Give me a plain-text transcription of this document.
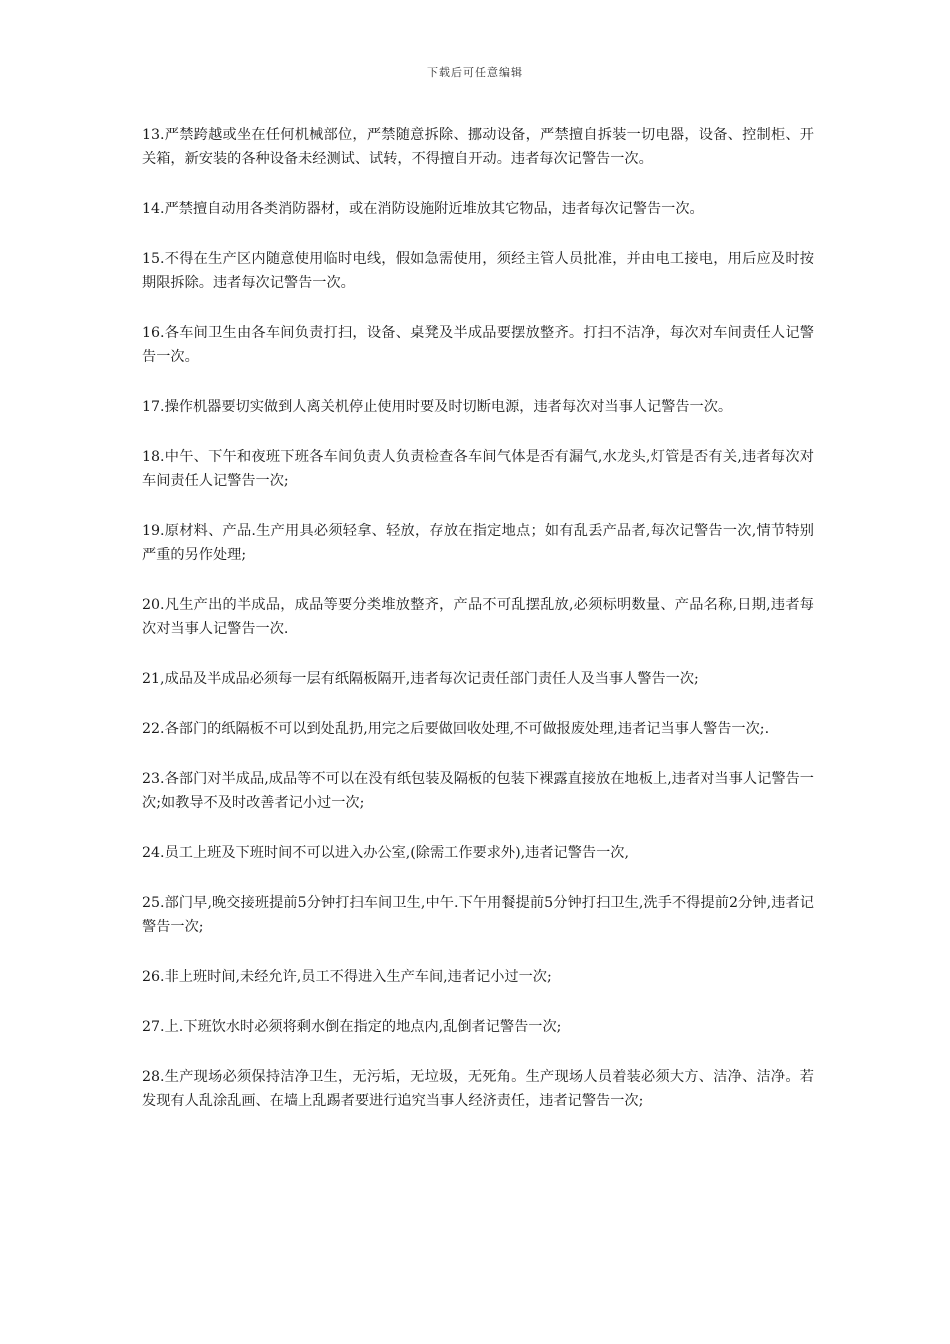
下载后可任意编辑

13.严禁跨越或坐在任何机械部位，严禁随意拆除、挪动设备，严禁擅自拆装一切电器，设备、控制柜、开关箱，新安装的各种设备未经测试、试转，不得擅自开动。违者每次记警告一次。

14.严禁擅自动用各类消防器材，或在消防设施附近堆放其它物品，违者每次记警告一次。

15.不得在生产区内随意使用临时电线，假如急需使用，须经主管人员批准，并由电工接电，用后应及时按期限拆除。违者每次记警告一次。

16.各车间卫生由各车间负责打扫，设备、桌凳及半成品要摆放整齐。打扫不洁净，每次对车间责任人记警告一次。

17.操作机器要切实做到人离关机停止使用时要及时切断电源，违者每次对当事人记警告一次。

18.中午、下午和夜班下班各车间负责人负责检查各车间气体是否有漏气,水龙头,灯管是否有关,违者每次对车间责任人记警告一次;

19.原材料、产品.生产用具必须轻拿、轻放，存放在指定地点；如有乱丢产品者,每次记警告一次,情节特别严重的另作处理;

20.凡生产出的半成品，成品等要分类堆放整齐，产品不可乱摆乱放,必须标明数量、产品名称,日期,违者每次对当事人记警告一次.

21,成品及半成品必须每一层有纸隔板隔开,违者每次记责任部门责任人及当事人警告一次;

22.各部门的纸隔板不可以到处乱扔,用完之后要做回收处理,不可做报废处理,违者记当事人警告一次;.

23.各部门对半成品,成品等不可以在没有纸包装及隔板的包装下裸露直接放在地板上,违者对当事人记警告一次;如教导不及时改善者记小过一次;

24.员工上班及下班时间不可以进入办公室,(除需工作要求外),违者记警告一次,

25.部门早,晚交接班提前5分钟打扫车间卫生,中午.下午用餐提前5分钟打扫卫生,洗手不得提前2分钟,违者记警告一次;

26.非上班时间,未经允许,员工不得进入生产车间,违者记小过一次;

27.上.下班饮水时必须将剩水倒在指定的地点内,乱倒者记警告一次;

28.生产现场必须保持洁净卫生，无污垢，无垃圾，无死角。生产现场人员着装必须大方、洁净、洁净。若发现有人乱涂乱画、在墙上乱踢者要进行追究当事人经济责任，违者记警告一次;
